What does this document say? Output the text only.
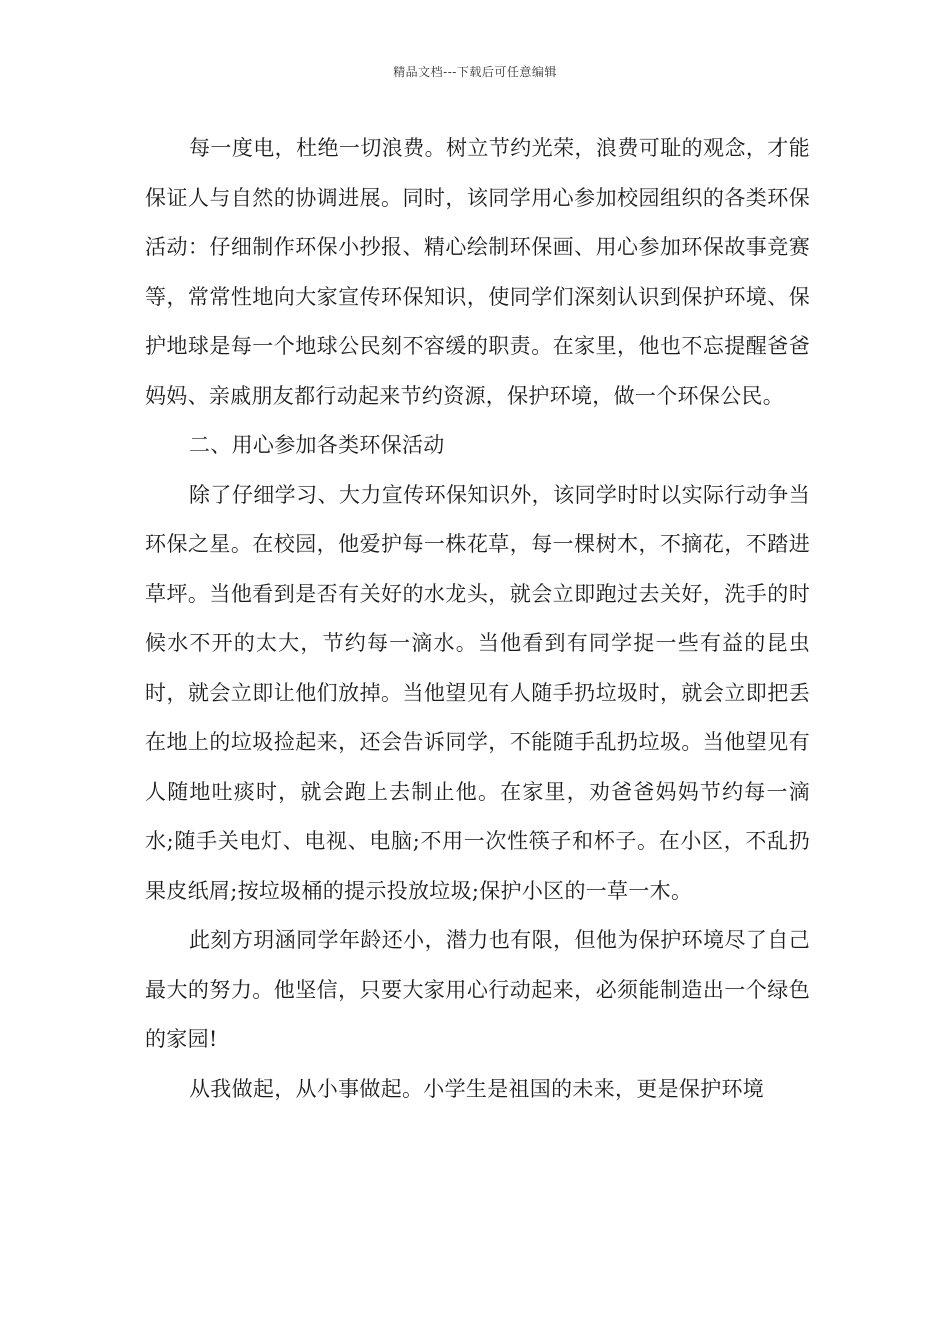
精品文档---下载后可任意编辑

每一度电，杜绝一切浪费。树立节约光荣，浪费可耻的观念，才能保证人与自然的协调进展。同时，该同学用心参加校园组织的各类环保活动：仔细制作环保小抄报、精心绘制环保画、用心参加环保故事竞赛等，常常性地向大家宣传环保知识，使同学们深刻认识到保护环境、保护地球是每一个地球公民刻不容缓的职责。在家里，他也不忘提醒爸爸妈妈、亲戚朋友都行动起来节约资源，保护环境，做一个环保公民。

二、用心参加各类环保活动

除了仔细学习、大力宣传环保知识外，该同学时时以实际行动争当环保之星。在校园，他爱护每一株花草，每一棵树木，不摘花，不踏进草坪。当他看到是否有关好的水龙头，就会立即跑过去关好，洗手的时候水不开的太大，节约每一滴水。当他看到有同学捉一些有益的昆虫时，就会立即让他们放掉。当他望见有人随手扔垃圾时，就会立即把丢在地上的垃圾捡起来，还会告诉同学，不能随手乱扔垃圾。当他望见有人随地吐痰时，就会跑上去制止他。在家里，劝爸爸妈妈节约每一滴水;随手关电灯、电视、电脑;不用一次性筷子和杯子。在小区，不乱扔果皮纸屑;按垃圾桶的提示投放垃圾;保护小区的一草一木。

此刻方玥涵同学年龄还小，潜力也有限，但他为保护环境尽了自己最大的努力。他坚信，只要大家用心行动起来，必须能制造出一个绿色的家园!

从我做起，从小事做起。小学生是祖国的未来，更是保护环境
